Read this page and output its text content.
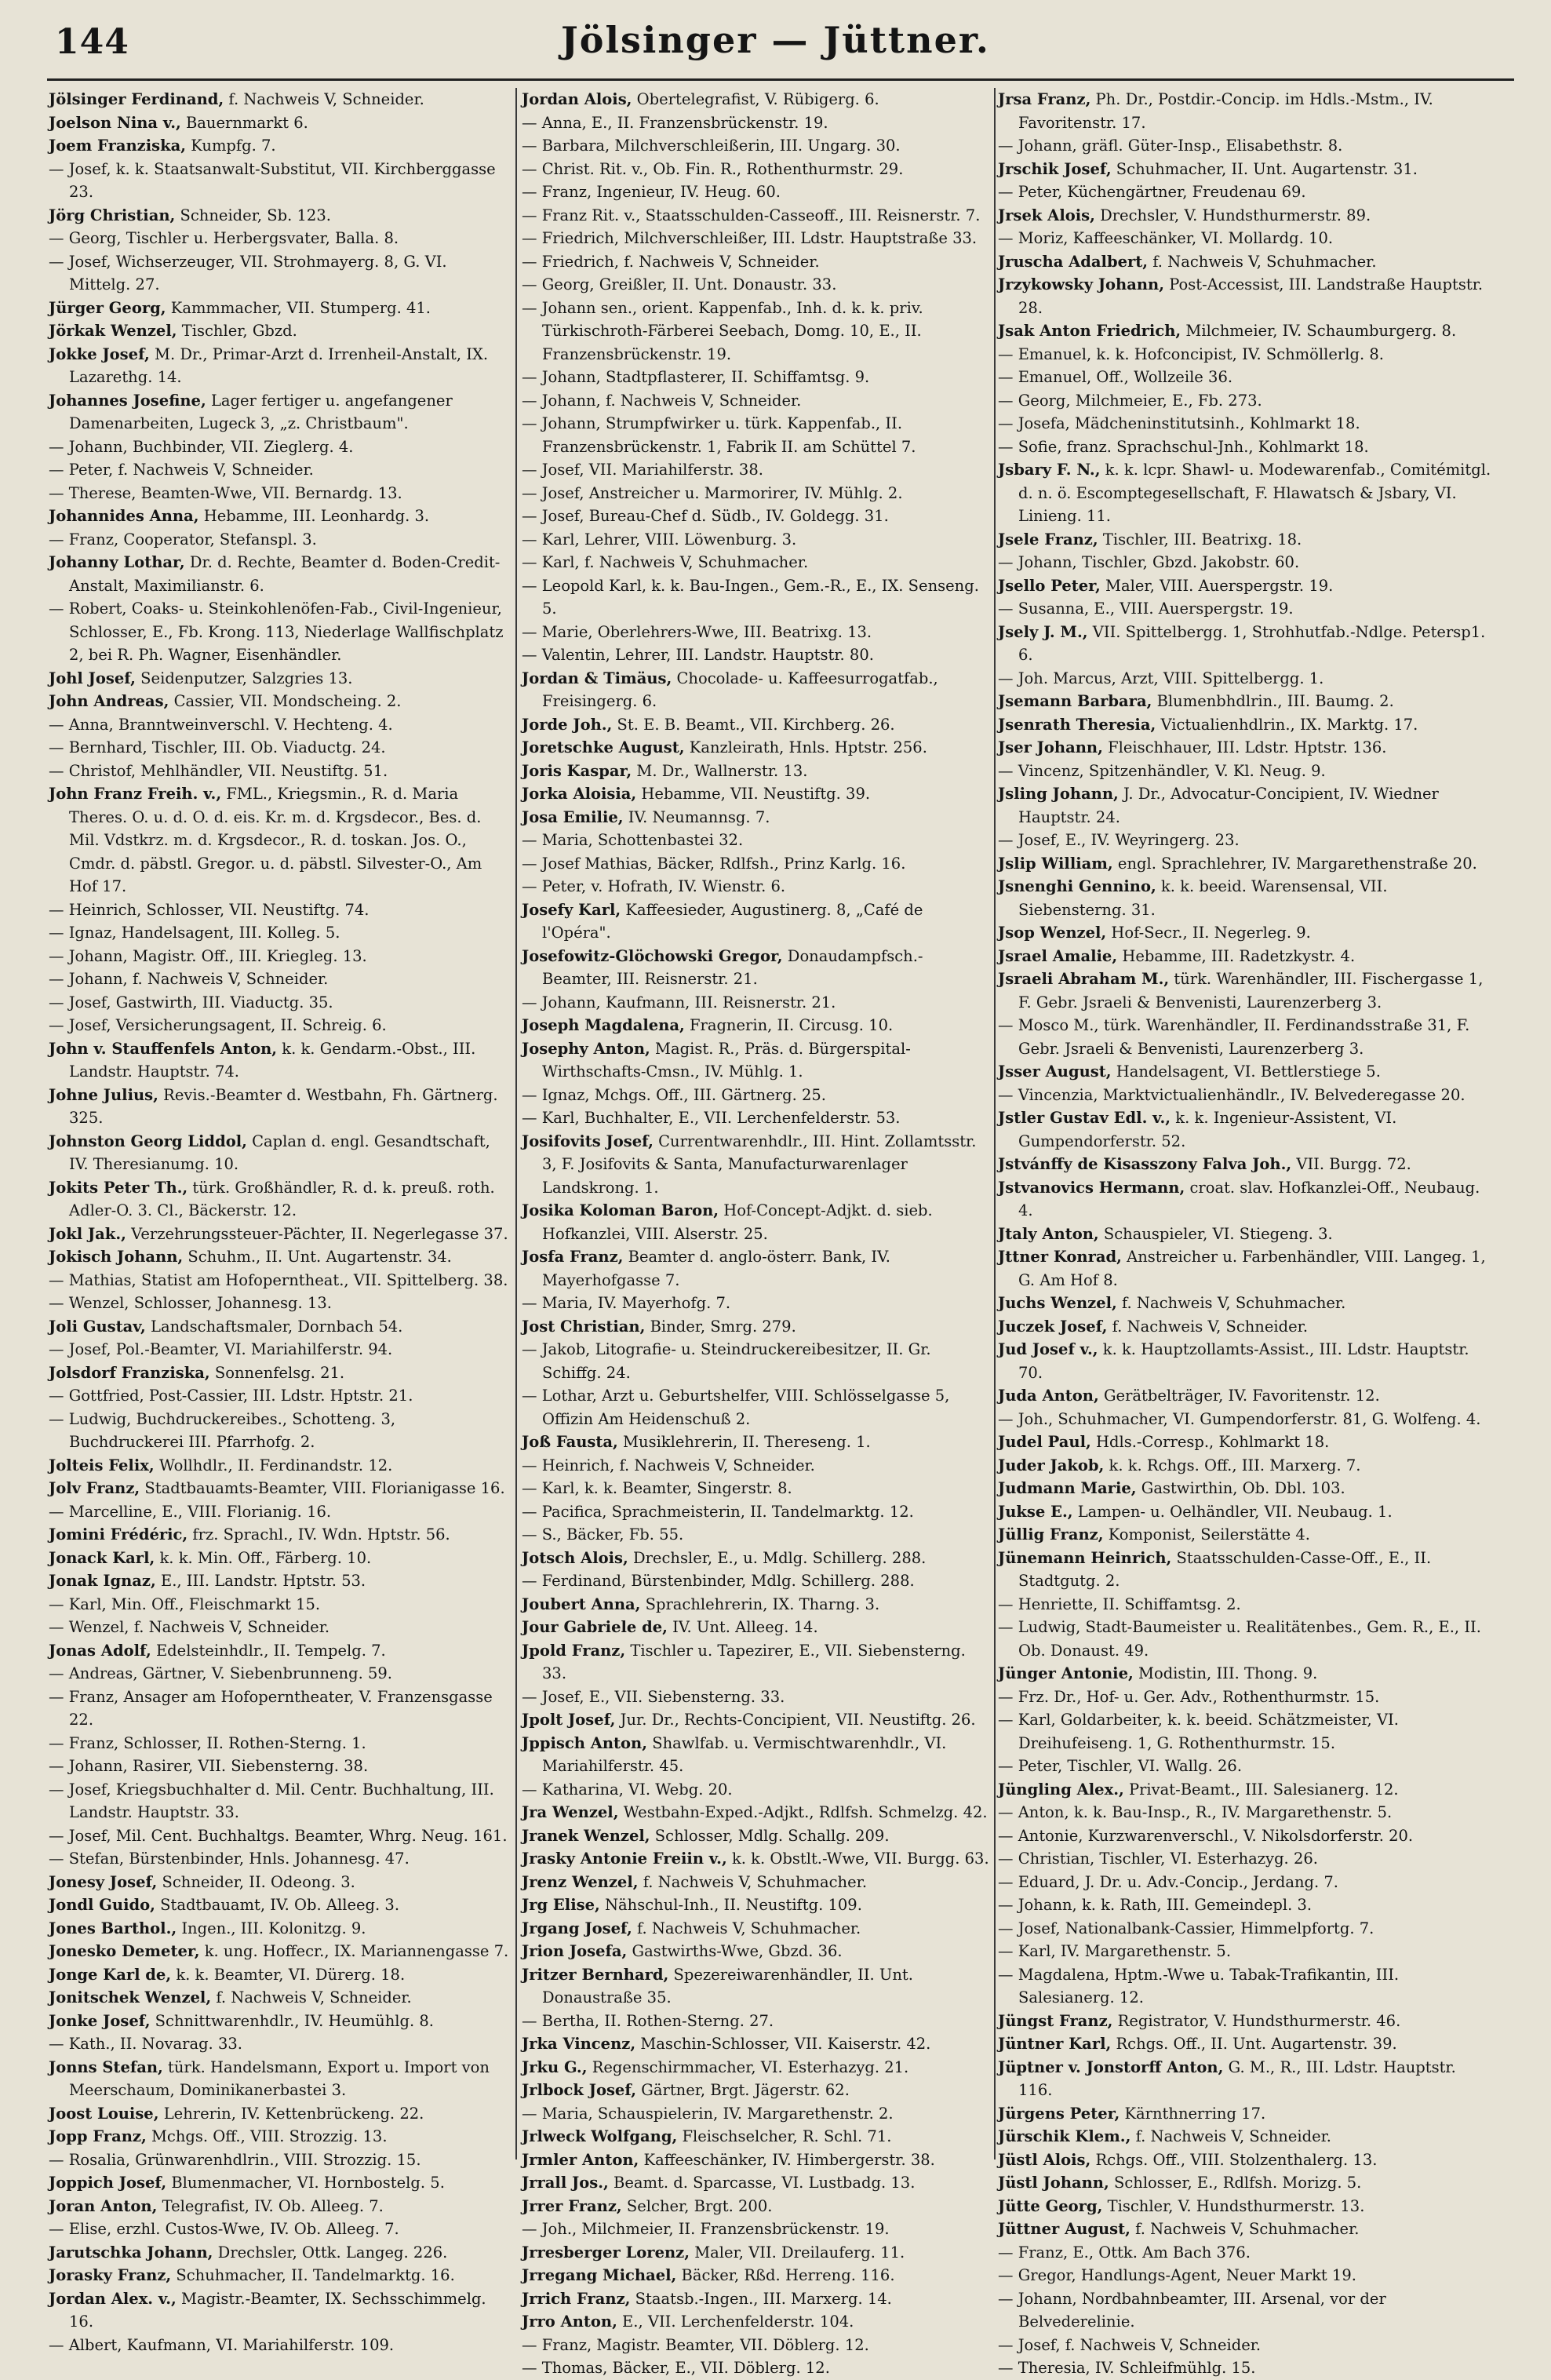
144	Jölsinger — Jüttner.

Jölsinger Ferdinand, f. Nachweis V, Schneider.

Joelson Nina v., Bauernmarkt 6.

Joem Franziska, Kumpfg. 7.

— Josef, k. k. Staatsanwalt-Substitut, VII. Kirchberggasse 23.

Jörg Christian, Schneider, Sb. 123.

— Georg, Tischler u. Herbergsvater, Balla. 8.

— Josef, Wichserzeuger, VII. Strohmayerg. 8, G. VI. Mittelg. 27.

Jürger Georg, Kammmacher, VII. Stumperg. 41.

Jörkak Wenzel, Tischler, Gbzd.

Jokke Josef, M. Dr., Primar-Arzt d. Irrenheil-Anstalt, IX. Lazarethg. 14.

Johannes Josefine, Lager fertiger u. angefangener Damenarbeiten, Lugeck 3, „z. Christbaum".

— Johann, Buchbinder, VII. Zieglerg. 4.

— Peter, f. Nachweis V, Schneider.

— Therese, Beamten-Wwe, VII. Bernardg. 13.

Johannides Anna, Hebamme, III. Leonhardg. 3.

— Franz, Cooperator, Stefanspl. 3.

Johanny Lothar, Dr. d. Rechte, Beamter d. Boden-Credit-Anstalt, Maximilianstr. 6.

— Robert, Coaks- u. Steinkohlenöfen-Fab., Civil-Ingenieur, Schlosser, E., Fb. Krong. 113, Niederlage Wallfischplatz 2, bei R. Ph. Wagner, Eisenhändler.

Johl Josef, Seidenputzer, Salzgries 13.

John Andreas, Cassier, VII. Mondscheing. 2.

— Anna, Branntweinverschl. V. Hechteng. 4.

— Bernhard, Tischler, III. Ob. Viaductg. 24.

— Christof, Mehlhändler, VII. Neustiftg. 51.

John Franz Freih. v., FML., Kriegsmin., R. d. Maria Theres. O. u. d. O. d. eis. Kr. m. d. Krgsdecor., Bes. d. Mil. Vdstkrz. m. d. Krgsdecor., R. d. toskan. Jos. O., Cmdr. d. päbstl. Gregor. u. d. päbstl. Silvester-O., Am Hof 17.

— Heinrich, Schlosser, VII. Neustiftg. 74.

— Ignaz, Handelsagent, III. Kolleg. 5.

— Johann, Magistr. Off., III. Kriegleg. 13.

— Johann, f. Nachweis V, Schneider.

— Josef, Gastwirth, III. Viaductg. 35.

— Josef, Versicherungsagent, II. Schreig. 6.

John v. Stauffenfels Anton, k. k. Gendarm.-Obst., III. Landstr. Hauptstr. 74.

Johne Julius, Revis.-Beamter d. Westbahn, Fh. Gärtnerg. 325.

Johnston Georg Liddol, Caplan d. engl. Gesandtschaft, IV. Theresianumg. 10.

Jokits Peter Th., türk. Großhändler, R. d. k. preuß. roth. Adler-O. 3. Cl., Bäckerstr. 12.

Jokl Jak., Verzehrungssteuer-Pächter, II. Negerlegasse 37.

Jokisch Johann, Schuhm., II. Unt. Augartenstr. 34.

— Mathias, Statist am Hofoperntheat., VII. Spittelberg. 38.

— Wenzel, Schlosser, Johannesg. 13.

Joli Gustav, Landschaftsmaler, Dornbach 54.

— Josef, Pol.-Beamter, VI. Mariahilferstr. 94.

Jolsdorf Franziska, Sonnenfelsg. 21.

— Gottfried, Post-Cassier, III. Ldstr. Hptstr. 21.

— Ludwig, Buchdruckereibes., Schotteng. 3, Buchdruckerei III. Pfarrhofg. 2.

Jolteis Felix, Wollhdlr., II. Ferdinandstr. 12.

Jolv Franz, Stadtbauamts-Beamter, VIII. Florianigasse 16.

— Marcelline, E., VIII. Florianig. 16.

Jomini Frédéric, frz. Sprachl., IV. Wdn. Hptstr. 56.

Jonack Karl, k. k. Min. Off., Färberg. 10.

Jonak Ignaz, E., III. Landstr. Hptstr. 53.

— Karl, Min. Off., Fleischmarkt 15.

— Wenzel, f. Nachweis V, Schneider.

Jonas Adolf, Edelsteinhdlr., II. Tempelg. 7.

— Andreas, Gärtner, V. Siebenbrunneng. 59.

— Franz, Ansager am Hofoperntheater, V. Franzensgasse 22.

— Franz, Schlosser, II. Rothen-Sterng. 1.

— Johann, Rasirer, VII. Siebensterng. 38.

— Josef, Kriegsbuchhalter d. Mil. Centr. Buchhaltung, III. Landstr. Hauptstr. 33.

— Josef, Mil. Cent. Buchhaltgs. Beamter, Whrg. Neug. 161.

— Stefan, Bürstenbinder, Hnls. Johannesg. 47.

Jonesy Josef, Schneider, II. Odeong. 3.

Jondl Guido, Stadtbauamt, IV. Ob. Alleeg. 3.

Jones Barthol., Ingen., III. Kolonitzg. 9.

Jonesko Demeter, k. ung. Hoffecr., IX. Mariannengasse 7.

Jonge Karl de, k. k. Beamter, VI. Dürerg. 18.

Jonitschek Wenzel, f. Nachweis V, Schneider.

Jonke Josef, Schnittwarenhdlr., IV. Heumühlg. 8.

— Kath., II. Novarag. 33.

Jonns Stefan, türk. Handelsmann, Export u. Import von Meerschaum, Dominikanerbastei 3.

Joost Louise, Lehrerin, IV. Kettenbrückeng. 22.

Jopp Franz, Mchgs. Off., VIII. Strozzig. 13.

— Rosalia, Grünwarenhdlrin., VIII. Strozzig. 15.

Joppich Josef, Blumenmacher, VI. Hornbostelg. 5.

Joran Anton, Telegrafist, IV. Ob. Alleeg. 7.

— Elise, erzhl. Custos-Wwe, IV. Ob. Alleeg. 7.

Jarutschka Johann, Drechsler, Ottk. Langeg. 226.

Jorasky Franz, Schuhmacher, II. Tandelmarktg. 16.

Jordan Alex. v., Magistr.-Beamter, IX. Sechsschimmelg. 16.

— Albert, Kaufmann, VI. Mariahilferstr. 109.

Jordan Alois, Obertelegrafist, V. Rübigerg. 6.

— Anna, E., II. Franzensbrückenstr. 19.

— Barbara, Milchverschleißerin, III. Ungarg. 30.

— Christ. Rit. v., Ob. Fin. R., Rothenthurmstr. 29.

— Franz, Ingenieur, IV. Heug. 60.

— Franz Rit. v., Staatsschulden-Casseoff., III. Reisnerstr. 7.

— Friedrich, Milchverschleißer, III. Ldstr. Hauptstraße 33.

— Friedrich, f. Nachweis V, Schneider.

— Georg, Greißler, II. Unt. Donaustr. 33.

— Johann sen., orient. Kappenfab., Inh. d. k. k. priv. Türkischroth-Färberei Seebach, Domg. 10, E., II. Franzensbrückenstr. 19.

— Johann, Stadtpflasterer, II. Schiffamtsg. 9.

— Johann, f. Nachweis V, Schneider.

— Johann, Strumpfwirker u. türk. Kappenfab., II. Franzensbrückenstr. 1, Fabrik II. am Schüttel 7.

— Josef, VII. Mariahilferstr. 38.

— Josef, Anstreicher u. Marmorirer, IV. Mühlg. 2.

— Josef, Bureau-Chef d. Südb., IV. Goldegg. 31.

— Karl, Lehrer, VIII. Löwenburg. 3.

— Karl, f. Nachweis V, Schuhmacher.

— Leopold Karl, k. k. Bau-Ingen., Gem.-R., E., IX. Senseng. 5.

— Marie, Oberlehrers-Wwe, III. Beatrixg. 13.

— Valentin, Lehrer, III. Landstr. Hauptstr. 80.

Jordan & Timäus, Chocolade- u. Kaffeesurrogatfab., Freisingerg. 6.

Jorde Joh., St. E. B. Beamt., VII. Kirchberg. 26.

Joretschke August, Kanzleirath, Hnls. Hptstr. 256.

Joris Kaspar, M. Dr., Wallnerstr. 13.

Jorka Aloisia, Hebamme, VII. Neustiftg. 39.

Josa Emilie, IV. Neumannsg. 7.

— Maria, Schottenbastei 32.

— Josef Mathias, Bäcker, Rdlfsh., Prinz Karlg. 16.

— Peter, v. Hofrath, IV. Wienstr. 6.

Josefy Karl, Kaffeesieder, Augustinerg. 8, „Café de l'Opéra".

Josefowitz-Glöchowski Gregor, Donaudampfsch.-Beamter, III. Reisnerstr. 21.

— Johann, Kaufmann, III. Reisnerstr. 21.

Joseph Magdalena, Fragnerin, II. Circusg. 10.

Josephy Anton, Magist. R., Präs. d. Bürgerspital-Wirthschafts-Cmsn., IV. Mühlg. 1.

— Ignaz, Mchgs. Off., III. Gärtnerg. 25.

— Karl, Buchhalter, E., VII. Lerchenfelderstr. 53.

Josifovits Josef, Currentwarenhdlr., III. Hint. Zollamtsstr. 3, F. Josifovits & Santa, Manufacturwarenlager Landskrong. 1.

Josika Koloman Baron, Hof-Concept-Adjkt. d. sieb. Hofkanzlei, VIII. Alserstr. 25.

Josfa Franz, Beamter d. anglo-österr. Bank, IV. Mayerhofgasse 7.

— Maria, IV. Mayerhofg. 7.

Jost Christian, Binder, Smrg. 279.

— Jakob, Litografie- u. Steindruckereibesitzer, II. Gr. Schiffg. 24.

— Lothar, Arzt u. Geburtshelfer, VIII. Schlösselgasse 5, Offizin Am Heidenschuß 2.

Joß Fausta, Musiklehrerin, II. Thereseng. 1.

— Heinrich, f. Nachweis V, Schneider.

— Karl, k. k. Beamter, Singerstr. 8.

— Pacifica, Sprachmeisterin, II. Tandelmarktg. 12.

— S., Bäcker, Fb. 55.

Jotsch Alois, Drechsler, E., u. Mdlg. Schillerg. 288.

— Ferdinand, Bürstenbinder, Mdlg. Schillerg. 288.

Joubert Anna, Sprachlehrerin, IX. Tharng. 3.

Jour Gabriele de, IV. Unt. Alleeg. 14.

Jpold Franz, Tischler u. Tapezirer, E., VII. Siebensterng. 33.

— Josef, E., VII. Siebensterng. 33.

Jpolt Josef, Jur. Dr., Rechts-Concipient, VII. Neustiftg. 26.

Jppisch Anton, Shawlfab. u. Vermischtwarenhdlr., VI. Mariahilferstr. 45.

— Katharina, VI. Webg. 20.

Jra Wenzel, Westbahn-Exped.-Adjkt., Rdlfsh. Schmelzg. 42.

Jranek Wenzel, Schlosser, Mdlg. Schallg. 209.

Jrasky Antonie Freiin v., k. k. Obstlt.-Wwe, VII. Burgg. 63.

Jrenz Wenzel, f. Nachweis V, Schuhmacher.

Jrg Elise, Nähschul-Inh., II. Neustiftg. 109.

Jrgang Josef, f. Nachweis V, Schuhmacher.

Jrion Josefa, Gastwirths-Wwe, Gbzd. 36.

Jritzer Bernhard, Spezereiwarenhändler, II. Unt. Donaustraße 35.

— Bertha, II. Rothen-Sterng. 27.

Jrka Vincenz, Maschin-Schlosser, VII. Kaiserstr. 42.

Jrku G., Regenschirmmacher, VI. Esterhazyg. 21.

Jrlbock Josef, Gärtner, Brgt. Jägerstr. 62.

— Maria, Schauspielerin, IV. Margarethenstr. 2.

Jrlweck Wolfgang, Fleischselcher, R. Schl. 71.

Jrmler Anton, Kaffeeschänker, IV. Himbergerstr. 38.

Jrrall Jos., Beamt. d. Sparcasse, VI. Lustbadg. 13.

Jrrer Franz, Selcher, Brgt. 200.

— Joh., Milchmeier, II. Franzensbrückenstr. 19.

Jrresberger Lorenz, Maler, VII. Dreilauferg. 11.

Jrregang Michael, Bäcker, Rßd. Herreng. 116.

Jrrich Franz, Staatsb.-Ingen., III. Marxerg. 14.

Jrro Anton, E., VII. Lerchenfelderstr. 104.

— Franz, Magistr. Beamter, VII. Döblerg. 12.

— Thomas, Bäcker, E., VII. Döblerg. 12.

Jrsa Franz, Ph. Dr., Postdir.-Concip. im Hdls.-Mstm., IV. Favoritenstr. 17.

— Johann, gräfl. Güter-Insp., Elisabethstr. 8.

Jrschik Josef, Schuhmacher, II. Unt. Augartenstr. 31.

— Peter, Küchengärtner, Freudenau 69.

Jrsek Alois, Drechsler, V. Hundsthurmerstr. 89.

— Moriz, Kaffeeschänker, VI. Mollardg. 10.

Jruscha Adalbert, f. Nachweis V, Schuhmacher.

Jrzykowsky Johann, Post-Accessist, III. Landstraße Hauptstr. 28.

Jsak Anton Friedrich, Milchmeier, IV. Schaumburgerg. 8.

— Emanuel, k. k. Hofconcipist, IV. Schmöllerlg. 8.

— Emanuel, Off., Wollzeile 36.

— Georg, Milchmeier, E., Fb. 273.

— Josefa, Mädcheninstitutsinh., Kohlmarkt 18.

— Sofie, franz. Sprachschul-Jnh., Kohlmarkt 18.

Jsbary F. N., k. k. lcpr. Shawl- u. Modewarenfab., Comitémitgl. d. n. ö. Escomptegesellschaft, F. Hlawatsch & Jsbary, VI. Linieng. 11.

Jsele Franz, Tischler, III. Beatrixg. 18.

— Johann, Tischler, Gbzd. Jakobstr. 60.

Jsello Peter, Maler, VIII. Auerspergstr. 19.

— Susanna, E., VIII. Auerspergstr. 19.

Jsely J. M., VII. Spittelbergg. 1, Strohhutfab.-Ndlge. Petersp1. 6.

— Joh. Marcus, Arzt, VIII. Spittelbergg. 1.

Jsemann Barbara, Blumenbhdlrin., III. Baumg. 2.

Jsenrath Theresia, Victualienhdlrin., IX. Marktg. 17.

Jser Johann, Fleischhauer, III. Ldstr. Hptstr. 136.

— Vincenz, Spitzenhändler, V. Kl. Neug. 9.

Jsling Johann, J. Dr., Advocatur-Concipient, IV. Wiedner Hauptstr. 24.

— Josef, E., IV. Weyringerg. 23.

Jslip William, engl. Sprachlehrer, IV. Margarethenstraße 20.

Jsnenghi Gennino, k. k. beeid. Warensensal, VII. Siebensterng. 31.

Jsop Wenzel, Hof-Secr., II. Negerleg. 9.

Jsrael Amalie, Hebamme, III. Radetzkystr. 4.

Jsraeli Abraham M., türk. Warenhändler, III. Fischergasse 1, F. Gebr. Jsraeli & Benvenisti, Laurenzerberg 3.

— Mosco M., türk. Warenhändler, II. Ferdinandsstraße 31, F. Gebr. Jsraeli & Benvenisti, Laurenzerberg 3.

Jsser August, Handelsagent, VI. Bettlerstiege 5.

— Vincenzia, Marktvictualienhändlr., IV. Belvederegasse 20.

Jstler Gustav Edl. v., k. k. Ingenieur-Assistent, VI. Gumpendorferstr. 52.

Jstvánffy de Kisasszony Falva Joh., VII. Burgg. 72.

Jstvanovics Hermann, croat. slav. Hofkanzlei-Off., Neubaug. 4.

Jtaly Anton, Schauspieler, VI. Stiegeng. 3.

Jttner Konrad, Anstreicher u. Farbenhändler, VIII. Langeg. 1, G. Am Hof 8.

Juchs Wenzel, f. Nachweis V, Schuhmacher.

Juczek Josef, f. Nachweis V, Schneider.

Jud Josef v., k. k. Hauptzollamts-Assist., III. Ldstr. Hauptstr. 70.

Juda Anton, Gerätbelträger, IV. Favoritenstr. 12.

— Joh., Schuhmacher, VI. Gumpendorferstr. 81, G. Wolfeng. 4.

Judel Paul, Hdls.-Corresp., Kohlmarkt 18.

Juder Jakob, k. k. Rchgs. Off., III. Marxerg. 7.

Judmann Marie, Gastwirthin, Ob. Dbl. 103.

Jukse E., Lampen- u. Oelhändler, VII. Neubaug. 1.

Jüllig Franz, Komponist, Seilerstätte 4.

Jünemann Heinrich, Staatsschulden-Casse-Off., E., II. Stadtgutg. 2.

— Henriette, II. Schiffamtsg. 2.

— Ludwig, Stadt-Baumeister u. Realitätenbes., Gem. R., E., II. Ob. Donaust. 49.

Jünger Antonie, Modistin, III. Thong. 9.

— Frz. Dr., Hof- u. Ger. Adv., Rothenthurmstr. 15.

— Karl, Goldarbeiter, k. k. beeid. Schätzmeister, VI. Dreihufeiseng. 1, G. Rothenthurmstr. 15.

— Peter, Tischler, VI. Wallg. 26.

Jüngling Alex., Privat-Beamt., III. Salesianerg. 12.

— Anton, k. k. Bau-Insp., R., IV. Margarethenstr. 5.

— Antonie, Kurzwarenverschl., V. Nikolsdorferstr. 20.

— Christian, Tischler, VI. Esterhazyg. 26.

— Eduard, J. Dr. u. Adv.-Concip., Jerdang. 7.

— Johann, k. k. Rath, III. Gemeindepl. 3.

— Josef, Nationalbank-Cassier, Himmelpfortg. 7.

— Karl, IV. Margarethenstr. 5.

— Magdalena, Hptm.-Wwe u. Tabak-Trafikantin, III. Salesianerg. 12.

Jüngst Franz, Registrator, V. Hundsthurmerstr. 46.

Jüntner Karl, Rchgs. Off., II. Unt. Augartenstr. 39.

Jüptner v. Jonstorff Anton, G. M., R., III. Ldstr. Hauptstr. 116.

Jürgens Peter, Kärnthnerring 17.

Jürschik Klem., f. Nachweis V, Schneider.

Jüstl Alois, Rchgs. Off., VIII. Stolzenthalerg. 13.

Jüstl Johann, Schlosser, E., Rdlfsh. Morizg. 5.

Jütte Georg, Tischler, V. Hundsthurmerstr. 13.

Jüttner August, f. Nachweis V, Schuhmacher.

— Franz, E., Ottk. Am Bach 376.

— Gregor, Handlungs-Agent, Neuer Markt 19.

— Johann, Nordbahnbeamter, III. Arsenal, vor der Belvederelinie.

— Josef, f. Nachweis V, Schneider.

— Theresia, IV. Schleifmühlg. 15.
